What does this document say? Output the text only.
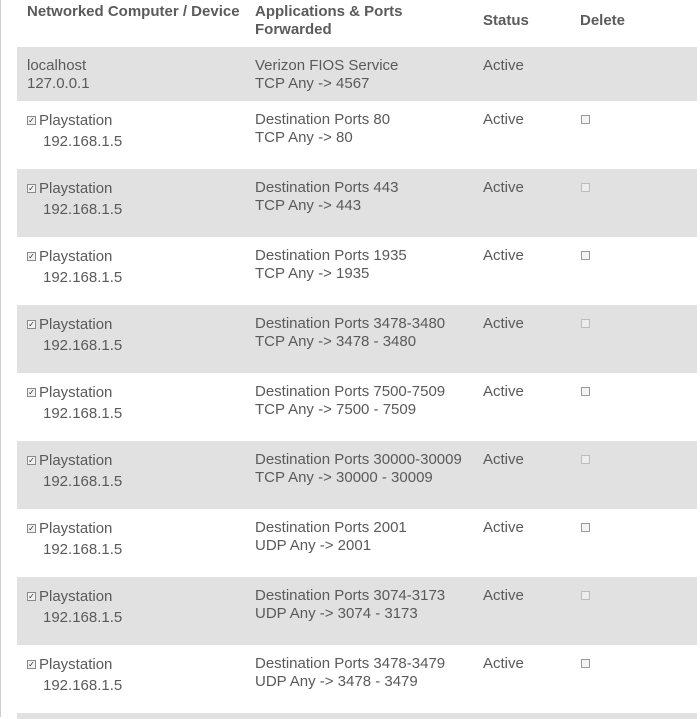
Networked Computer / Device	Applications & Ports Forwarded
Status	Delete
localhost
127.0.0.1
Verizon FIOS Service
TCP Any -> 4567
Active
✓ Playstation
192.168.1.5
Destination Ports 80
TCP Any -> 80
Active
✓ Playstation
192.168.1.5
Destination Ports 443
TCP Any -> 443
Active
✓ Playstation
192.168.1.5
Destination Ports 1935
TCP Any -> 1935
Active
✓ Playstation
192.168.1.5
Destination Ports 3478-3480
TCP Any -> 3478 - 3480
Active
✓ Playstation
192.168.1.5
Destination Ports 7500-7509
TCP Any -> 7500 - 7509
Active
✓ Playstation
192.168.1.5
Destination Ports 30000-30009
TCP Any -> 30000 - 30009
Active
✓ Playstation
192.168.1.5
Destination Ports 2001
UDP Any -> 2001
Active
✓ Playstation
192.168.1.5
Destination Ports 3074-3173
UDP Any -> 3074 - 3173
Active
✓ Playstation
192.168.1.5
Destination Ports 3478-3479
UDP Any -> 3478 - 3479
Active
